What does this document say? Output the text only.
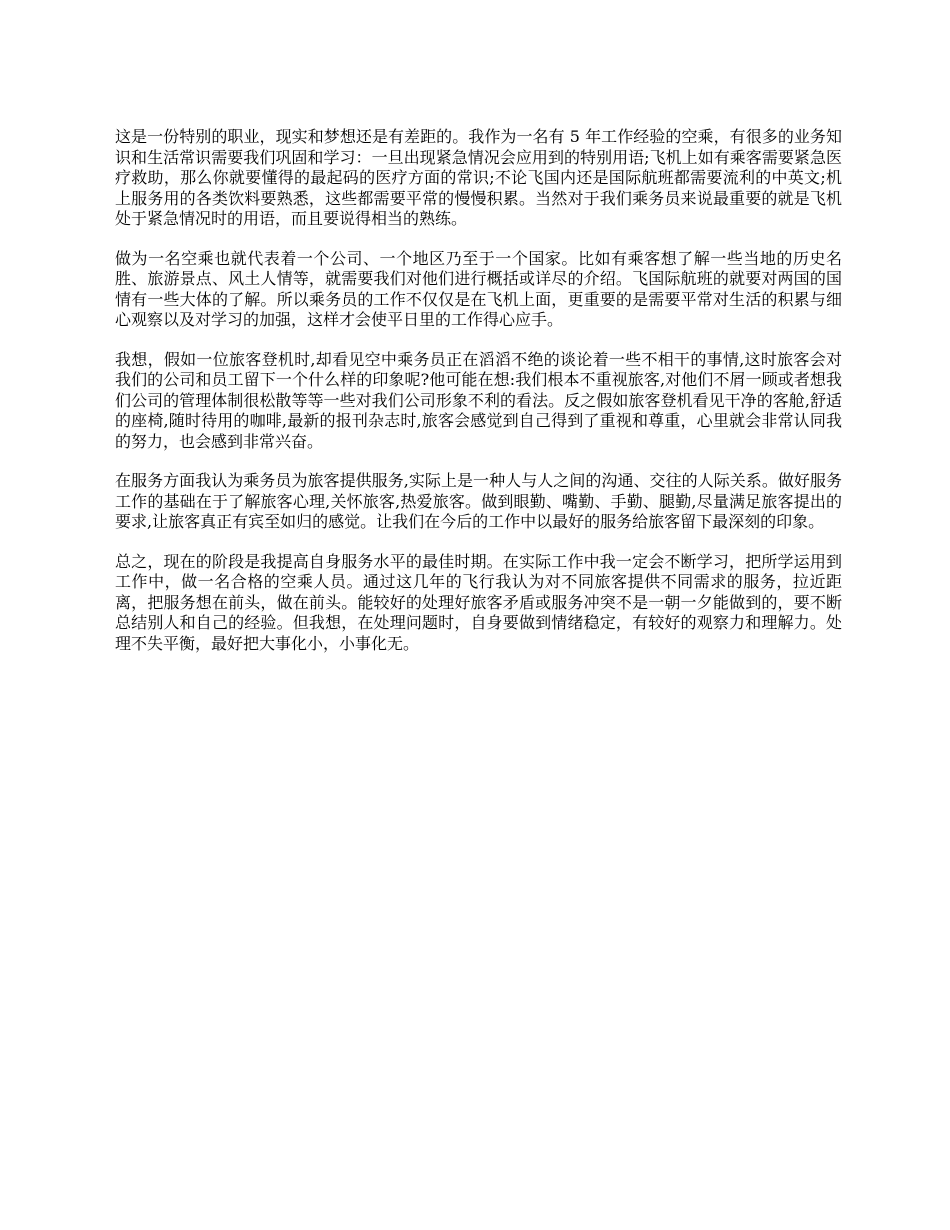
这是一份特别的职业，现实和梦想还是有差距的。我作为一名有 5 年工作经验的空乘，有很多的业务知识和生活常识需要我们巩固和学习：一旦出现紧急情况会应用到的特别用语;飞机上如有乘客需要紧急医疗救助，那么你就要懂得的最起码的医疗方面的常识;不论飞国内还是国际航班都需要流利的中英文;机上服务用的各类饮料要熟悉，这些都需要平常的慢慢积累。当然对于我们乘务员来说最重要的就是飞机处于紧急情况时的用语，而且要说得相当的熟练。

做为一名空乘也就代表着一个公司、一个地区乃至于一个国家。比如有乘客想了解一些当地的历史名胜、旅游景点、风土人情等，就需要我们对他们进行概括或详尽的介绍。飞国际航班的就要对两国的国情有一些大体的了解。所以乘务员的工作不仅仅是在飞机上面，更重要的是需要平常对生活的积累与细心观察以及对学习的加强，这样才会使平日里的工作得心应手。

我想，假如一位旅客登机时,却看见空中乘务员正在滔滔不绝的谈论着一些不相干的事情,这时旅客会对我们的公司和员工留下一个什么样的印象呢?他可能在想:我们根本不重视旅客,对他们不屑一顾或者想我们公司的管理体制很松散等等一些对我们公司形象不利的看法。反之假如旅客登机看见干净的客舱,舒适的座椅,随时待用的咖啡,最新的报刊杂志时,旅客会感觉到自己得到了重视和尊重，心里就会非常认同我的努力，也会感到非常兴奋。

在服务方面我认为乘务员为旅客提供服务,实际上是一种人与人之间的沟通、交往的人际关系。做好服务工作的基础在于了解旅客心理,关怀旅客,热爱旅客。做到眼勤、嘴勤、手勤、腿勤,尽量满足旅客提出的要求,让旅客真正有宾至如归的感觉。让我们在今后的工作中以最好的服务给旅客留下最深刻的印象。

总之，现在的阶段是我提高自身服务水平的最佳时期。在实际工作中我一定会不断学习，把所学运用到工作中，做一名合格的空乘人员。通过这几年的飞行我认为对不同旅客提供不同需求的服务，拉近距离，把服务想在前头，做在前头。能较好的处理好旅客矛盾或服务冲突不是一朝一夕能做到的，要不断总结别人和自己的经验。但我想，在处理问题时，自身要做到情绪稳定，有较好的观察力和理解力。处理不失平衡，最好把大事化小，小事化无。
